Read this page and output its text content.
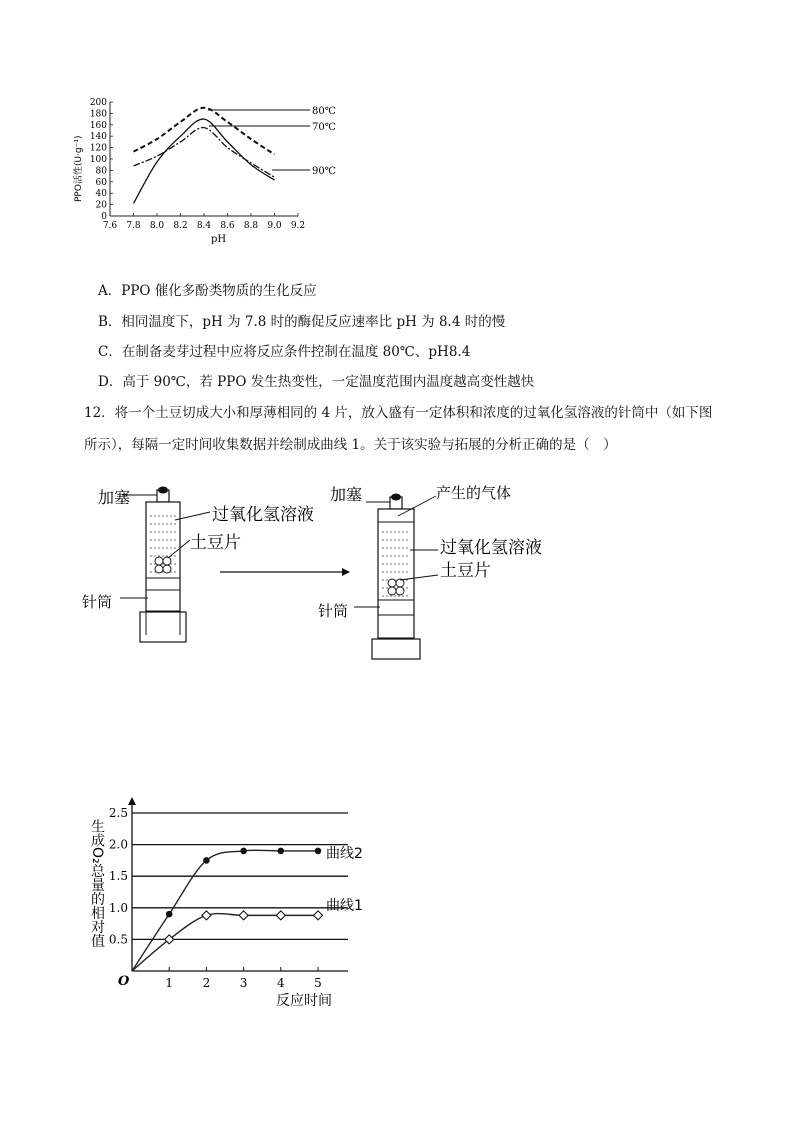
0
20
40
60
80
100
120
140
160
180
200
7.6 7.8 8.0 8.2 8.4 8.6 8.8 9.0 9.2
PPO活性(U·g⁻¹)
pH
80℃
70℃
90℃
A．PPO 催化多酚类物质的生化反应
B．相同温度下，pH 为 7.8 时的酶促反应速率比 pH 为 8.4 时的慢
C．在制备麦芽过程中应将反应条件控制在温度 80℃、pH8.4
D．高于 90℃，若 PPO 发生热变性，一定温度范围内温度越高变性越快
12．将一个土豆切成大小和厚薄相同的 4 片，放入盛有一定体积和浓度的过氧化氢溶液的针筒中（如下图
所示），每隔一定时间收集数据并绘制成曲线 1。关于该实验与拓展的分析正确的是（　）
加塞
过氧化氢溶液
土豆片
针筒
加塞	产生的气体
过氧化氢溶液
土豆片
针筒
0.5
1.0
1.5
2.0
2.5
1 2 3 4 5
O
反应时间
生成O₂总量的相对值	曲线2
曲线1
